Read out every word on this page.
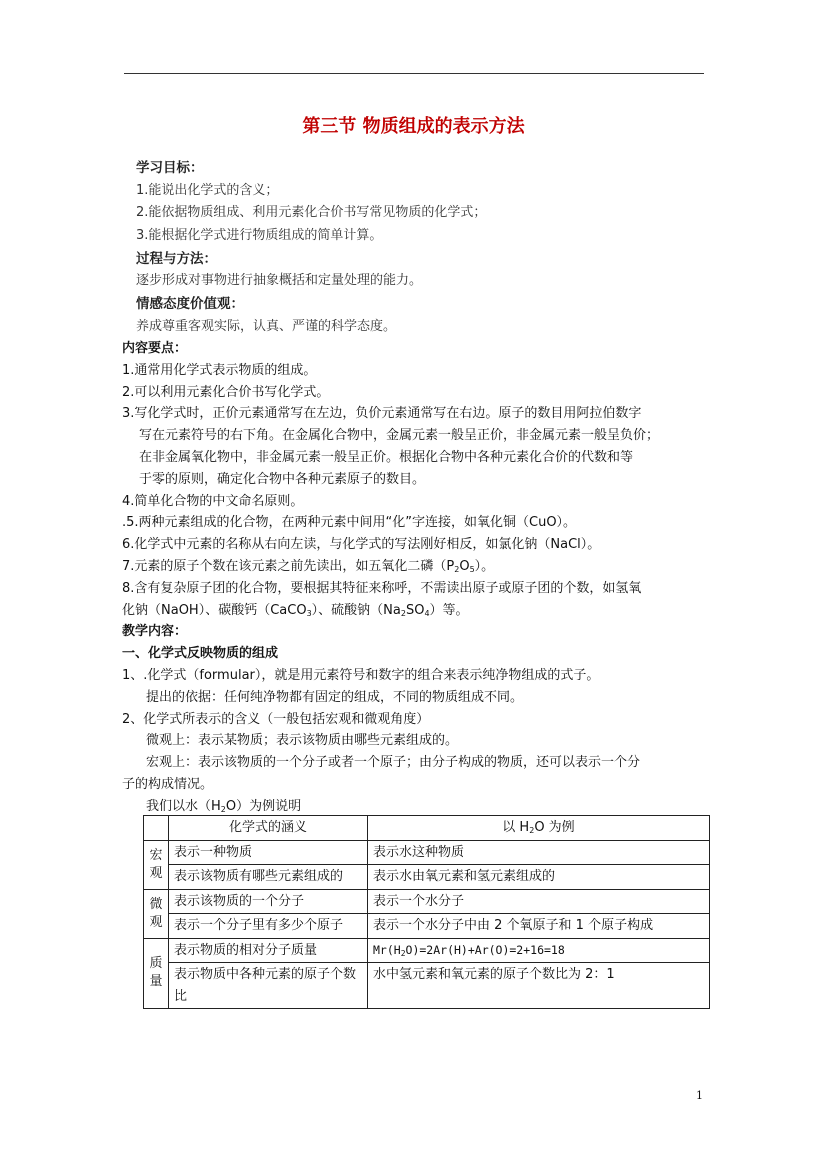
第三节 物质组成的表示方法
学习目标：
1.能说出化学式的含义；
2.能依据物质组成、利用元素化合价书写常见物质的化学式；
3.能根据化学式进行物质组成的简单计算。
过程与方法：
逐步形成对事物进行抽象概括和定量处理的能力。
情感态度价值观：
养成尊重客观实际，认真、严谨的科学态度。
内容要点：
1.通常用化学式表示物质的组成。
2.可以利用元素化合价书写化学式。
3.写化学式时，正价元素通常写在左边，负价元素通常写在右边。原子的数目用阿拉伯数字
写在元素符号的右下角。在金属化合物中，金属元素一般呈正价，非金属元素一般呈负价；
在非金属氧化物中，非金属元素一般呈正价。根据化合物中各种元素化合价的代数和等
于零的原则，确定化合物中各种元素原子的数目。
4.简单化合物的中文命名原则。
.5.两种元素组成的化合物，在两种元素中间用“化”字连接，如氧化铜（CuO）。
6.化学式中元素的名称从右向左读，与化学式的写法刚好相反，如氯化钠（NaCl）。
7.元素的原子个数在该元素之前先读出，如五氧化二磷$(P_2O_5)$。
8.含有复杂原子团的化合物，要根据其特征来称呼，不需读出原子或原子团的个数，如氢氧
化钠（NaOH）、碳酸钙（CaCO$_3$）、硫酸钠$(Na_2SO_4)$等。
教学内容：
一、化学式反映物质的组成
1、.化学式（formular），就是用元素符号和数字的组合来表示纯净物组成的式子。
提出的依据：任何纯净物都有固定的组成，不同的物质组成不同。
2、化学式所表示的含义（一般包括宏观和微观角度）
微观上：表示某物质；表示该物质由哪些元素组成的。
宏观上：表示该物质的一个分子或者一个原子；由分子构成的物质，还可以表示一个分
子的构成情况。
我们以水$(H_2O)$为例说明
	化学式的涵义	以 $H_2O$ 为例
宏观	表示一种物质	表示水这种物质
	表示该物质有哪些元素组成的	表示水由氧元素和氢元素组成的
微观	表示该物质的一个分子	表示一个水分子
	表示一个分子里有多少个原子	表示一个水分子中由 2 个氧原子和 1 个原子构成
质量	表示物质的相对分子质量	$Mr(H_2O)=2Ar(H)+Ar(O)=2+16=18$
	表示物质中各种元素的原子个数比	水中氢元素和氧元素的原子个数比为 2：1
1
